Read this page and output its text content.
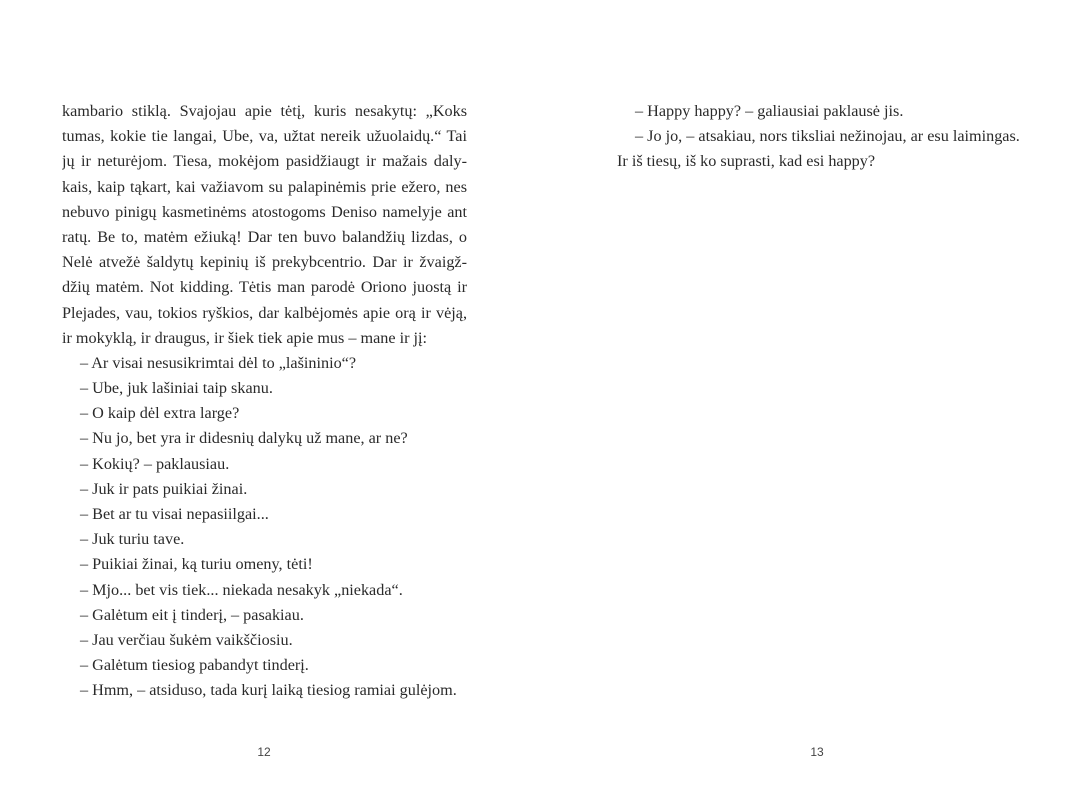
kambario stiklą. Svajojau apie tėtį, kuris nesakytų: „Koks
tumas, kokie tie langai, Ube, va, užtat nereik užuolaidų.“ Tai
jų ir neturėjom. Tiesa, mokėjom pasidžiaugt ir mažais daly-
kais, kaip tąkart, kai važiavom su palapinėmis prie ežero, nes
nebuvo pinigų kasmetinėms atostogoms Deniso namelyje ant
ratų. Be to, matėm ežiuką! Dar ten buvo balandžių lizdas, o
Nelė atvežė šaldytų kepinių iš prekybcentrio. Dar ir žvaigž-
džių matėm. Not kidding. Tėtis man parodė Oriono juostą ir
Plejades, vau, tokios ryškios, dar kalbėjomės apie orą ir vėją,
ir mokyklą, ir draugus, ir šiek tiek apie mus – mane ir jį:
– Ar visai nesusikrimtai dėl to „lašininio“?
– Ube, juk lašiniai taip skanu.
– O kaip dėl extra large?
– Nu jo, bet yra ir didesnių dalykų už mane, ar ne?
– Kokių? – paklausiau.
– Juk ir pats puikiai žinai.
– Bet ar tu visai nepasiilgai...
– Juk turiu tave.
– Puikiai žinai, ką turiu omeny, tėti!
– Mjo... bet vis tiek... niekada nesakyk „niekada“.
– Galėtum eit į tinderį, – pasakiau.
– Jau verčiau šukėm vaikščiosiu.
– Galėtum tiesiog pabandyt tinderį.
– Hmm, – atsiduso, tada kurį laiką tiesiog ramiai gulėjom.
12
– Happy happy? – galiausiai paklausė jis.
– Jo jo, – atsakiau, nors tiksliai nežinojau, ar esu laimingas.
Ir iš tiesų, iš ko suprasti, kad esi happy?
13
